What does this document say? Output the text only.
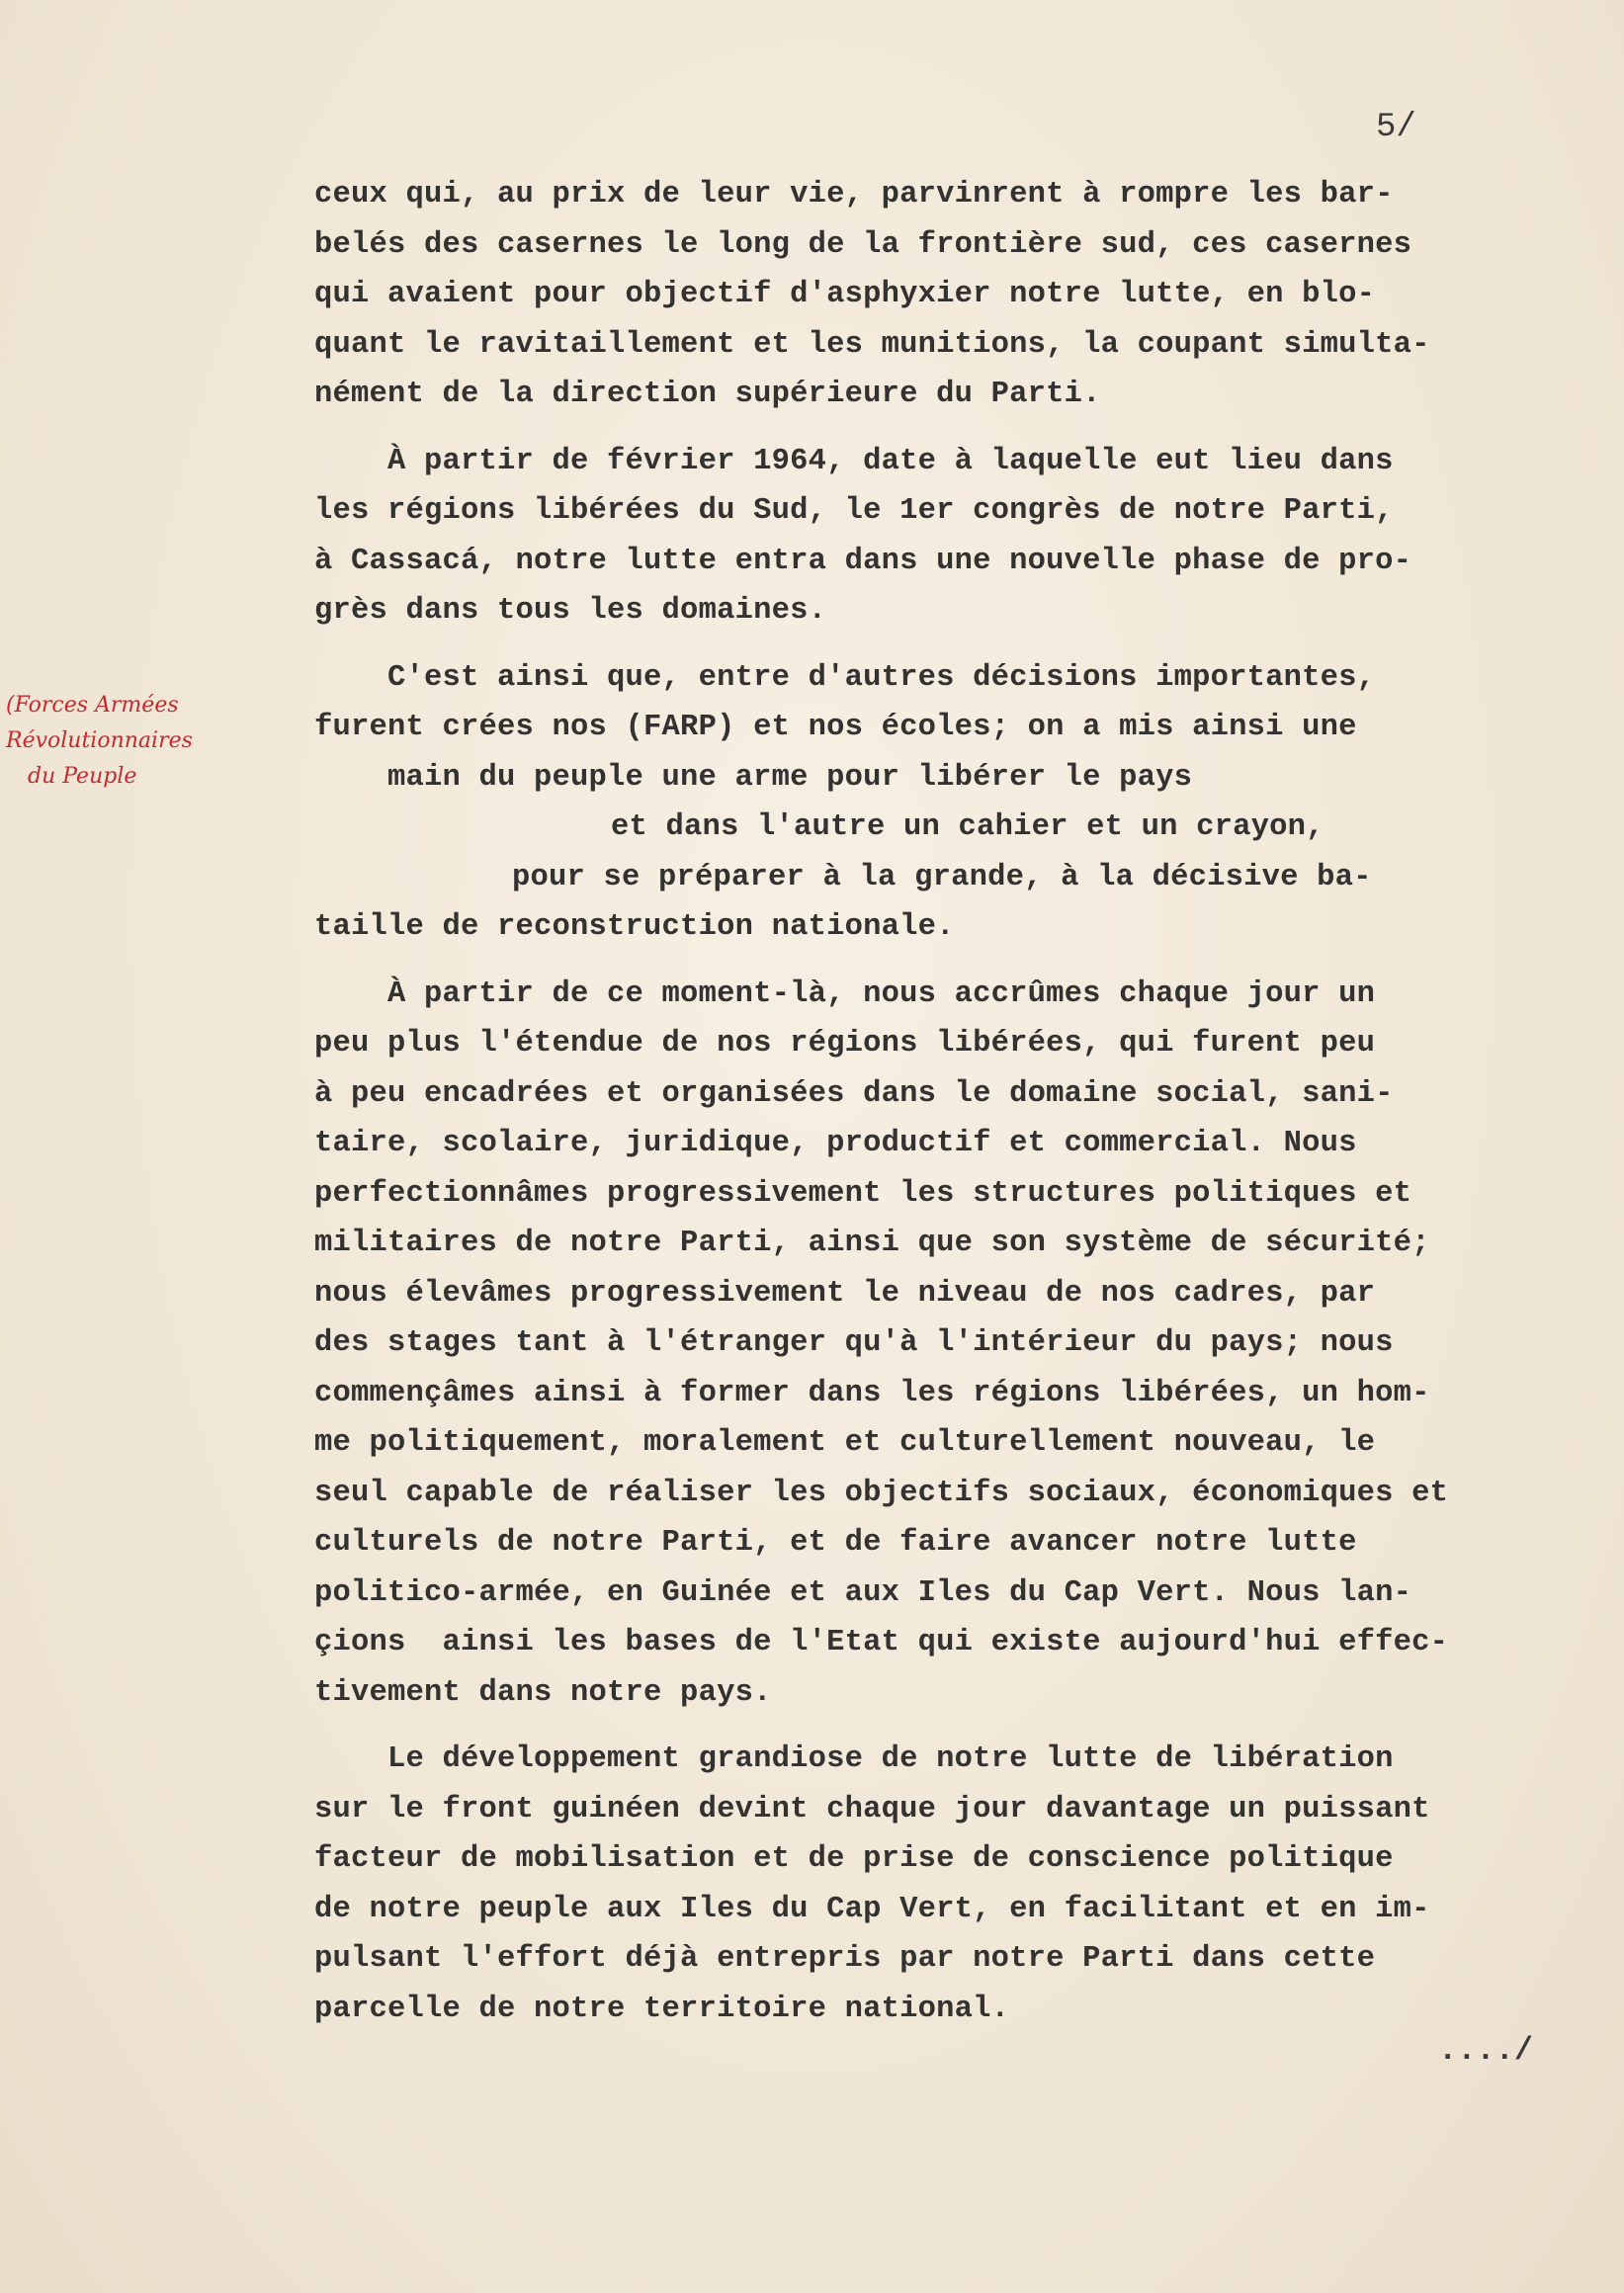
5/
(Forces Armées Révolutionnaires
du Peuple
ceux qui, au prix de leur vie, parvinrent à rompre les bar-
belés des casernes le long de la frontière sud, ces casernes
qui avaient pour objectif d'asphyxier notre lutte, en blo-
quant le ravitaillement et les munitions, la coupant simulta-
nément de la direction supérieure du Parti.
À partir de février 1964, date à laquelle eut lieu dans
les régions libérées du Sud, le 1er congrès de notre Parti,
à Cassacá, notre lutte entra dans une nouvelle phase de pro-
grès dans tous les domaines.
C'est ainsi que, entre d'autres décisions importantes,
furent crées nos (FARP) et nos écoles; on a mis ainsi une
main du peuple une arme pour libérer le pays
et dans l'autre un cahier et un crayon,
pour se préparer à la grande, à la décisive ba-
taille de reconstruction nationale.
À partir de ce moment-là, nous accrûmes chaque jour un
peu plus l'étendue de nos régions libérées, qui furent peu
à peu encadrées et organisées dans le domaine social, sani-
taire, scolaire, juridique, productif et commercial. Nous
perfectionnâmes progressivement les structures politiques et
militaires de notre Parti, ainsi que son système de sécurité;
nous élevâmes progressivement le niveau de nos cadres, par
des stages tant à l'étranger qu'à l'intérieur du pays; nous
commençâmes ainsi à former dans les régions libérées, un hom-
me politiquement, moralement et culturellement nouveau, le
seul capable de réaliser les objectifs sociaux, économiques et
culturels de notre Parti, et de faire avancer notre lutte
politico-armée, en Guinée et aux Iles du Cap Vert. Nous lan-
çions  ainsi les bases de l'Etat qui existe aujourd'hui effec-
tivement dans notre pays.
Le développement grandiose de notre lutte de libération
sur le front guinéen devint chaque jour davantage un puissant
facteur de mobilisation et de prise de conscience politique
de notre peuple aux Iles du Cap Vert, en facilitant et en im-
pulsant l'effort déjà entrepris par notre Parti dans cette
parcelle de notre territoire national.
..../
